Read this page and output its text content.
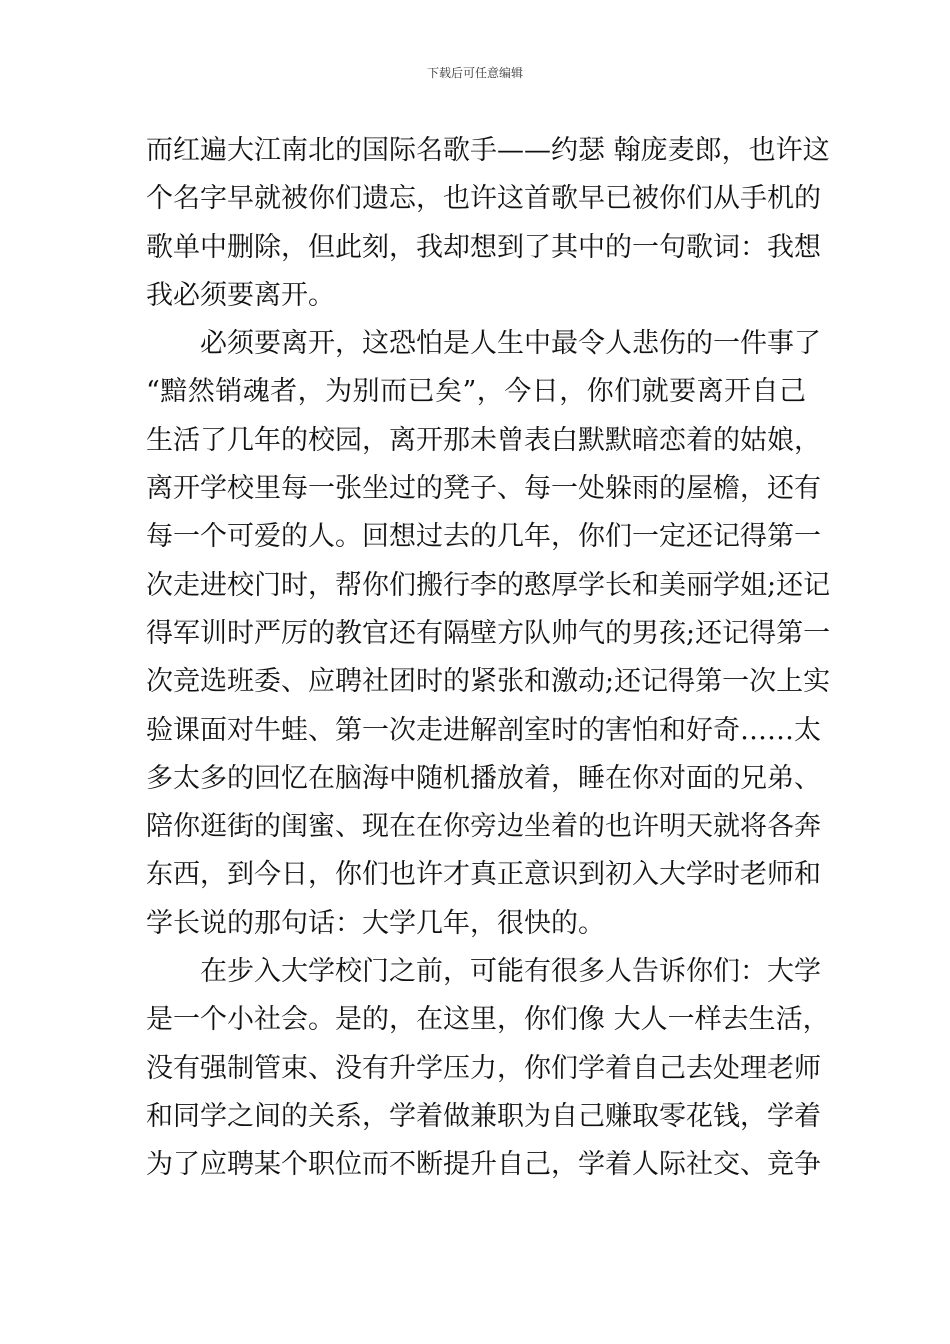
下载后可任意编辑
而红遍大江南北的国际名歌手——约瑟 翰庞麦郎，也许这
个名字早就被你们遗忘，也许这首歌早已被你们从手机的
歌单中删除，但此刻，我却想到了其中的一句歌词：我想
我必须要离开。
必须要离开，这恐怕是人生中最令人悲伤的一件事了
“黯然销魂者，为别而已矣”，今日，你们就要离开自己
生活了几年的校园，离开那未曾表白默默暗恋着的姑娘，
离开学校里每一张坐过的凳子、每一处躲雨的屋檐，还有
每一个可爱的人。回想过去的几年，你们一定还记得第一
次走进校门时，帮你们搬行李的憨厚学长和美丽学姐;还记
得军训时严厉的教官还有隔壁方队帅气的男孩;还记得第一
次竞选班委、应聘社团时的紧张和激动;还记得第一次上实
验课面对牛蛙、第一次走进解剖室时的害怕和好奇……太
多太多的回忆在脑海中随机播放着，睡在你对面的兄弟、
陪你逛街的闺蜜、现在在你旁边坐着的也许明天就将各奔
东西，到今日，你们也许才真正意识到初入大学时老师和
学长说的那句话：大学几年，很快的。
在步入大学校门之前，可能有很多人告诉你们：大学
是一个小社会。是的，在这里，你们像 大人一样去生活，
没有强制管束、没有升学压力，你们学着自己去处理老师
和同学之间的关系，学着做兼职为自己赚取零花钱，学着
为了应聘某个职位而不断提升自己，学着人际社交、竞争
